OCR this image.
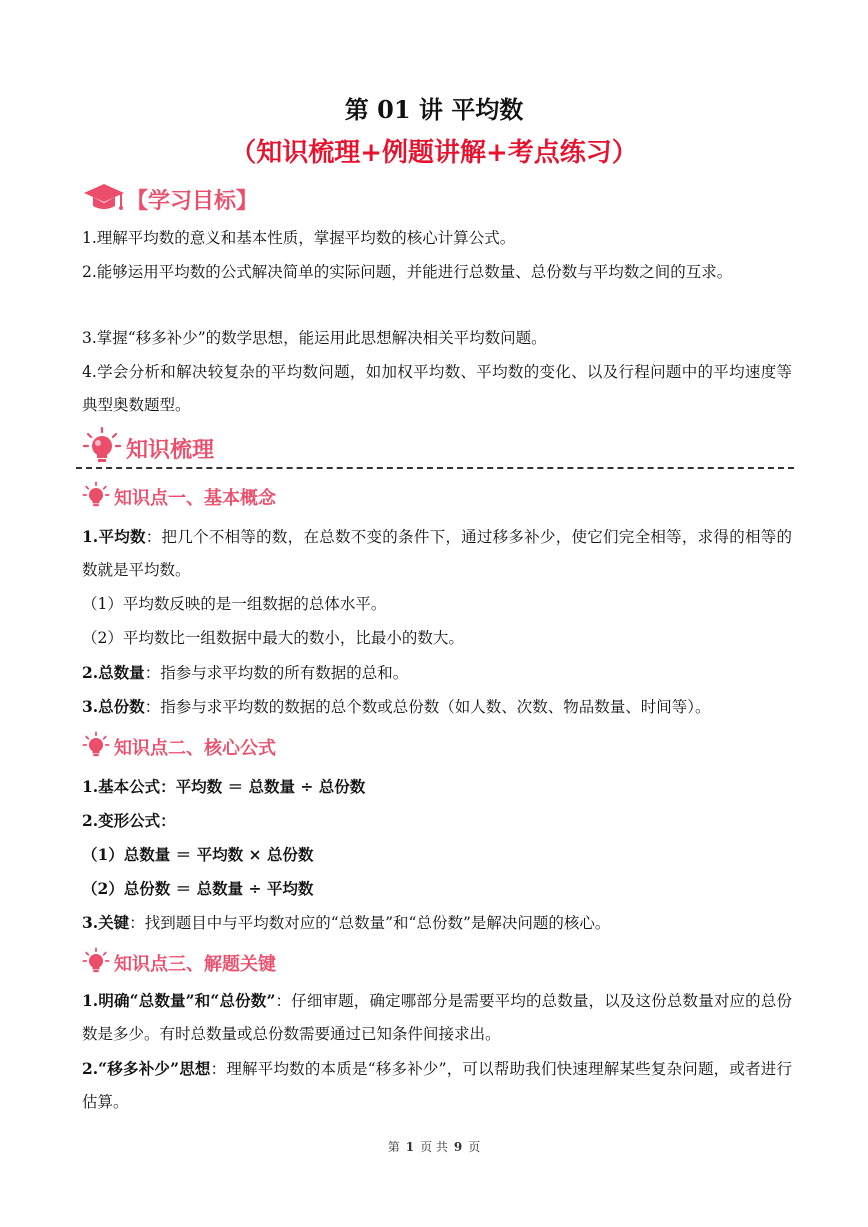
第 01 讲 平均数
（知识梳理+例题讲解+考点练习）
【学习目标】
1.理解平均数的意义和基本性质，掌握平均数的核心计算公式。
2.能够运用平均数的公式解决简单的实际问题，并能进行总数量、总份数与平均数之间的互求。
3.掌握“移多补少”的数学思想，能运用此思想解决相关平均数问题。
4.学会分析和解决较复杂的平均数问题，如加权平均数、平均数的变化、以及行程问题中的平均速度等典型奥数题型。
知识梳理
知识点一、基本概念
1.平均数：把几个不相等的数，在总数不变的条件下，通过移多补少，使它们完全相等，求得的相等的数就是平均数。
（1）平均数反映的是一组数据的总体水平。
（2）平均数比一组数据中最大的数小，比最小的数大。
2.总数量：指参与求平均数的所有数据的总和。
3.总份数：指参与求平均数的数据的总个数或总份数（如人数、次数、物品数量、时间等）。
知识点二、核心公式
1.基本公式：平均数 ＝ 总数量 ÷ 总份数
2.变形公式：
（1）总数量 ＝ 平均数 × 总份数
（2）总份数 ＝ 总数量 ÷ 平均数
3.关键：找到题目中与平均数对应的“总数量”和“总份数”是解决问题的核心。
知识点三、解题关键
1.明确“总数量”和“总份数”：仔细审题，确定哪部分是需要平均的总数量，以及这份总数量对应的总份数是多少。有时总数量或总份数需要通过已知条件间接求出。
2.“移多补少”思想：理解平均数的本质是“移多补少”，可以帮助我们快速理解某些复杂问题，或者进行估算。
第 1 页 共 9 页
